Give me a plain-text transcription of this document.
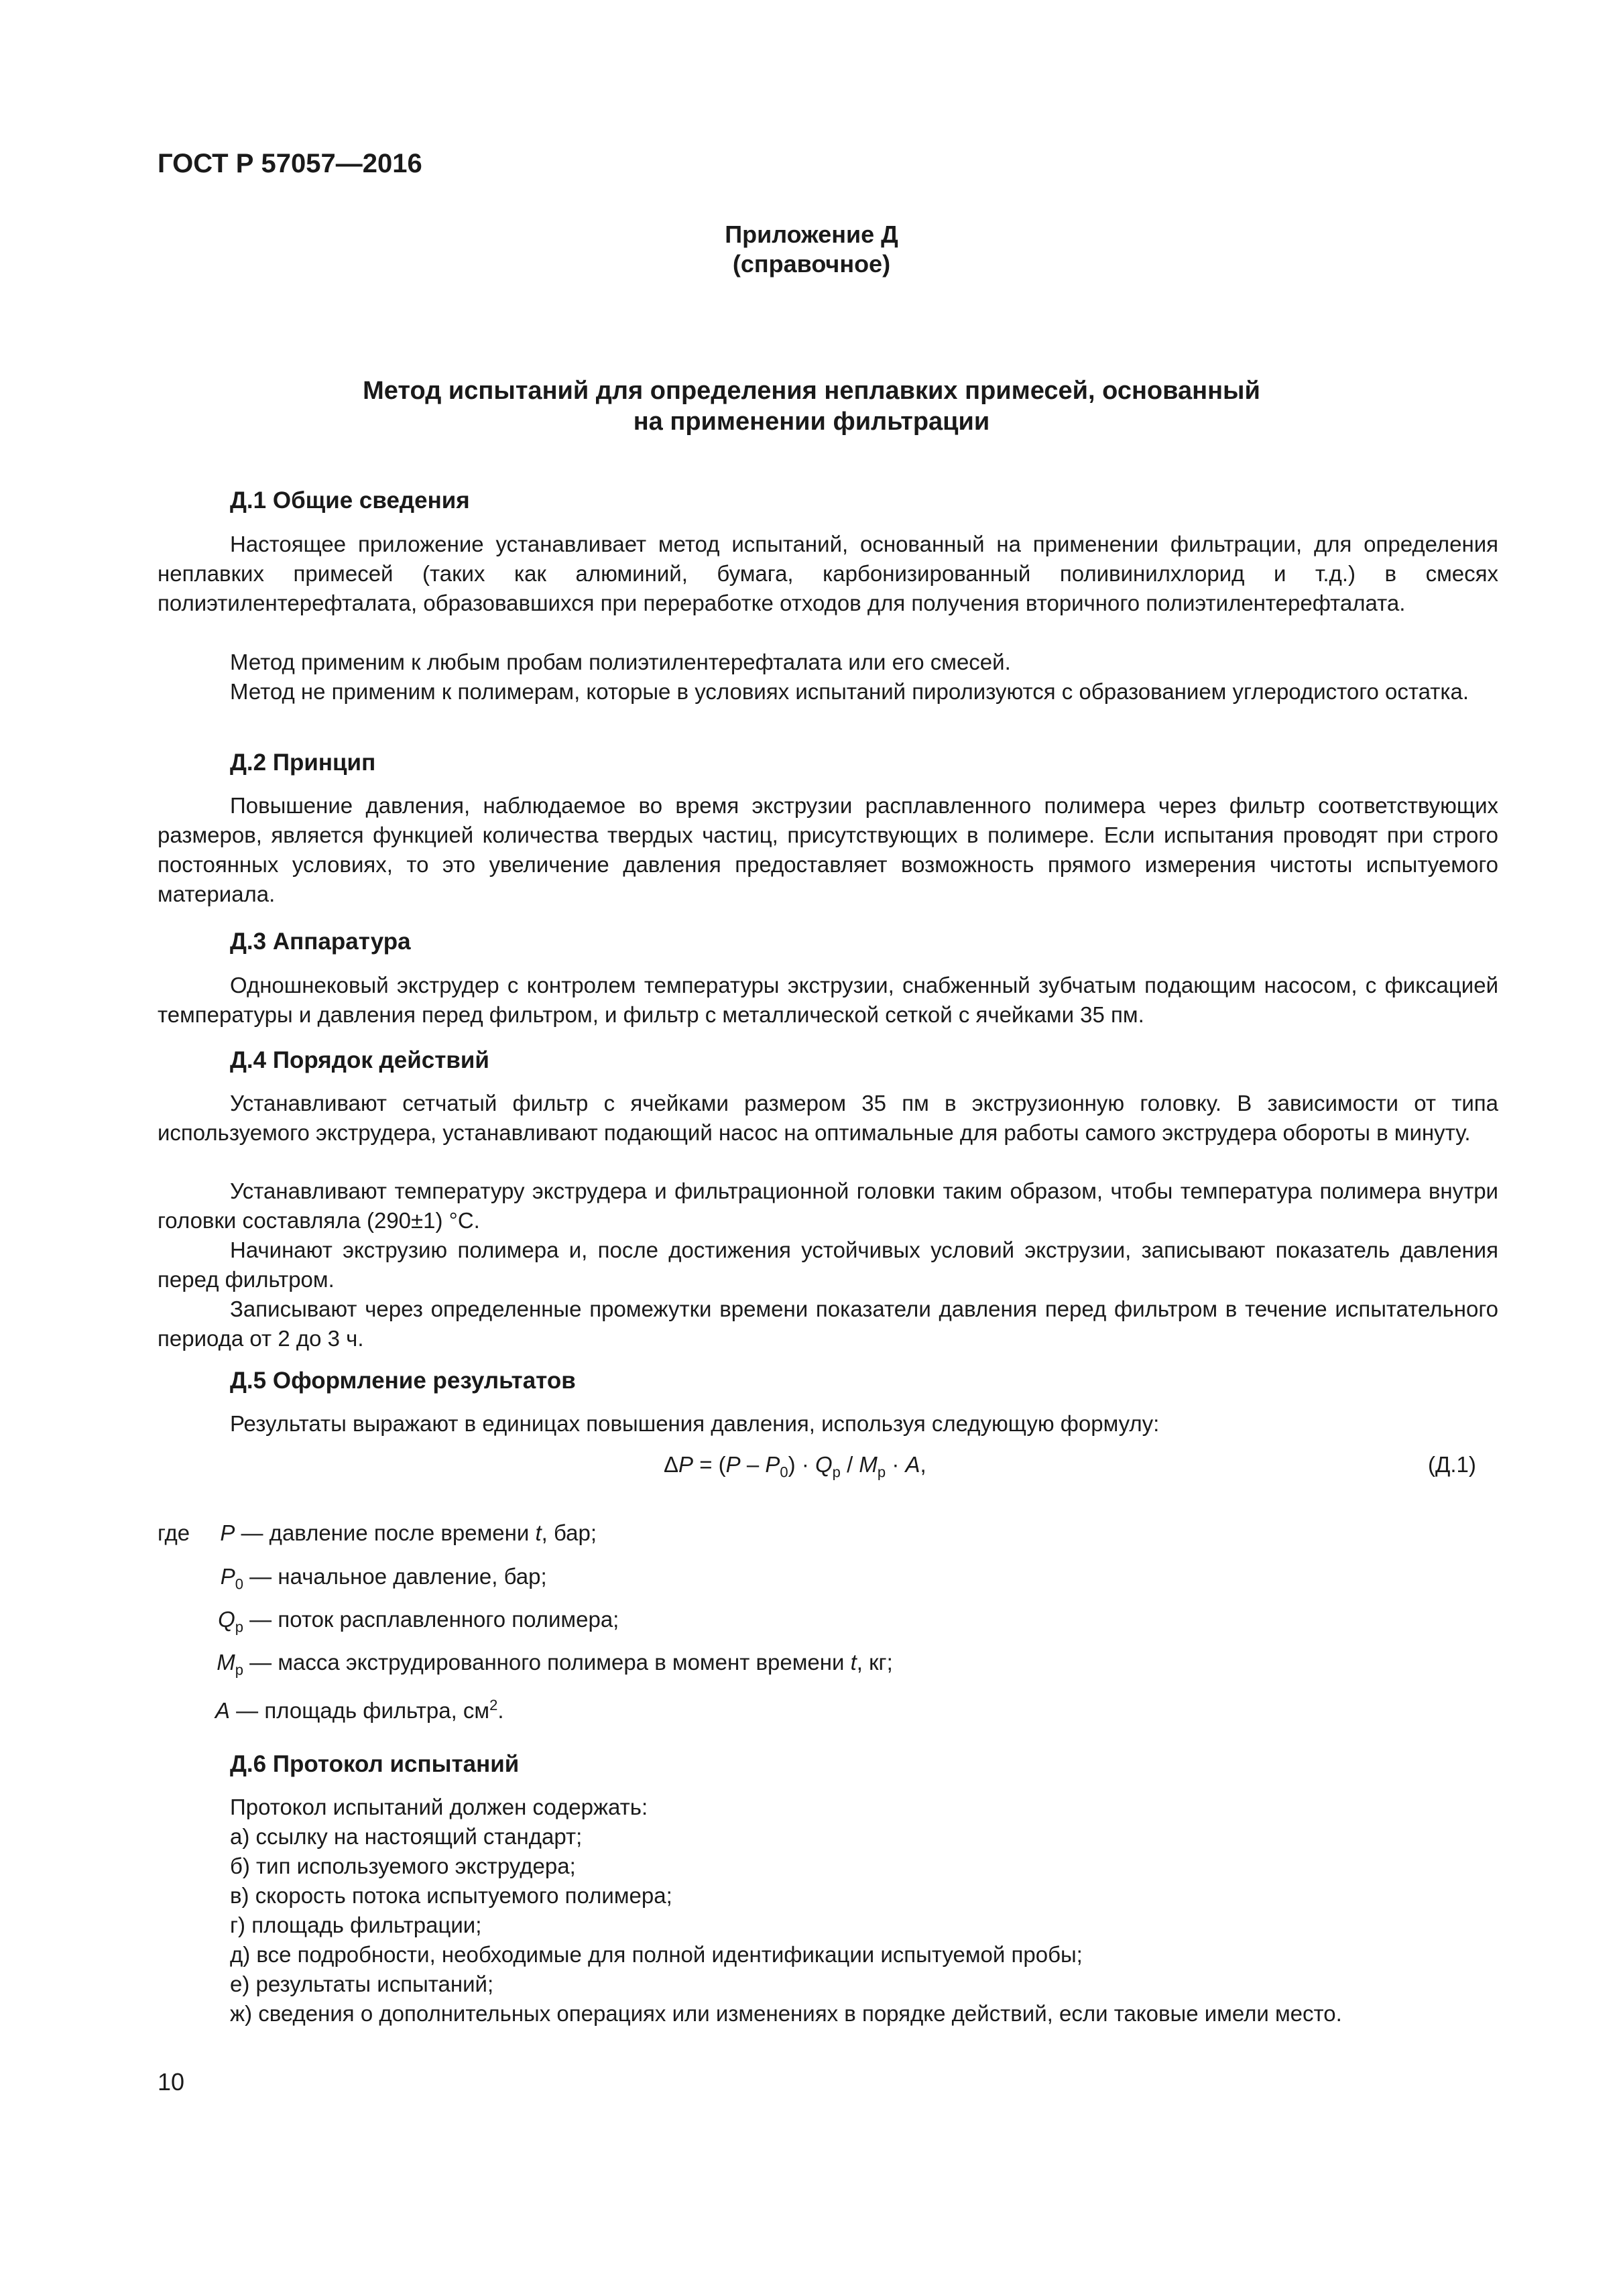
ГОСТ Р 57057—2016
Приложение Д
(справочное)
Метод испытаний для определения неплавких примесей, основанный
на применении фильтрации
Д.1 Общие сведения
Настоящее приложение устанавливает метод испытаний, основанный на применении фильтрации, для определения неплавких примесей (таких как алюминий, бумага, карбонизированный поливинилхлорид и т.д.) в смесях полиэтилентерефталата, образовавшихся при переработке отходов для получения вторичного полиэтилентерефталата.
Метод применим к любым пробам полиэтилентерефталата или его смесей.
Метод не применим к полимерам, которые в условиях испытаний пиролизуются с образованием углеродистого остатка.
Д.2 Принцип
Повышение давления, наблюдаемое во время экструзии расплавленного полимера через фильтр соответствующих размеров, является функцией количества твердых частиц, присутствующих в полимере. Если испытания проводят при строго постоянных условиях, то это увеличение давления предоставляет возможность прямого измерения чистоты испытуемого материала.
Д.3 Аппаратура
Одношнековый экструдер с контролем температуры экструзии, снабженный зубчатым подающим насосом, с фиксацией температуры и давления перед фильтром, и фильтр с металлической сеткой с ячейками 35 пм.
Д.4 Порядок действий
Устанавливают сетчатый фильтр с ячейками размером 35 пм в экструзионную головку. В зависимости от типа используемого экструдера, устанавливают подающий насос на оптимальные для работы самого экструдера обороты в минуту.
Устанавливают температуру экструдера и фильтрационной головки таким образом, чтобы температура полимера внутри головки составляла (290±1) °С.
Начинают экструзию полимера и, после достижения устойчивых условий экструзии, записывают показатель давления перед фильтром.
Записывают через определенные промежутки времени показатели давления перед фильтром в течение испытательного периода от 2 до 3 ч.
Д.5 Оформление результатов
Результаты выражают в единицах повышения давления, используя следующую формулу:
$\Delta P = (P - P_0) \cdot Q_p / M_p \cdot A$,	(Д.1)
где P — давление после времени t, бар;
$P_0$ — начальное давление, бар;
$Q_p$ — поток расплавленного полимера;
$M_p$ — масса экструдированного полимера в момент времени t, кг;
A — площадь фильтра, $см^2$.
Д.6 Протокол испытаний
Протокол испытаний должен содержать:
а) ссылку на настоящий стандарт;
б) тип используемого экструдера;
в) скорость потока испытуемого полимера;
г) площадь фильтрации;
д) все подробности, необходимые для полной идентификации испытуемой пробы;
е) результаты испытаний;
ж) сведения о дополнительных операциях или изменениях в порядке действий, если таковые имели место.
10
